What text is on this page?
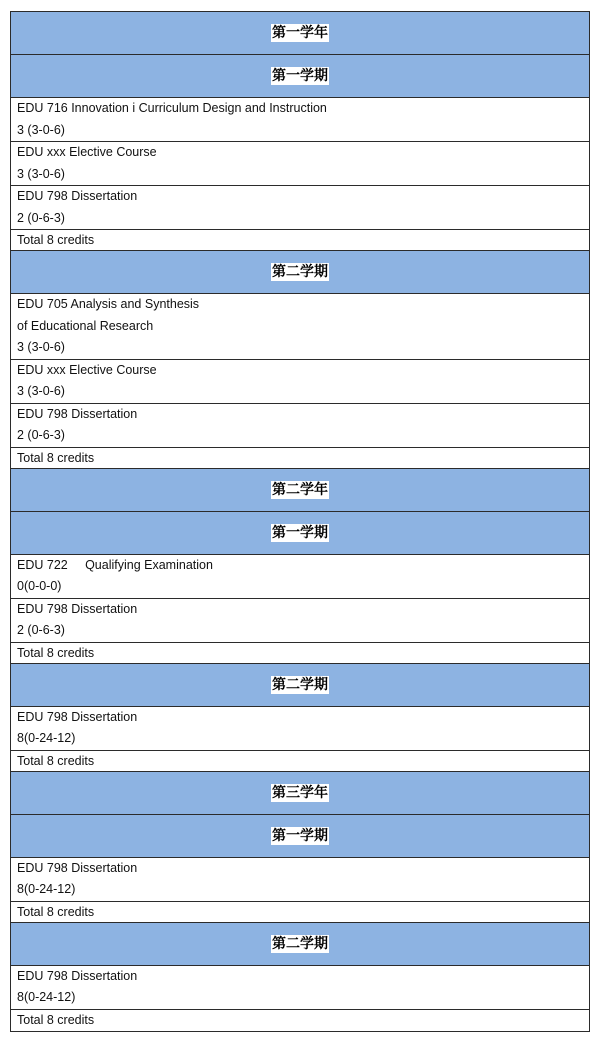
第一学年
第一学期
EDU 716 Innovation i Curriculum Design and Instruction
3 (3-0-6)
EDU xxx Elective Course
3 (3-0-6)
EDU 798 Dissertation
2 (0-6-3)
Total 8 credits
第二学期
EDU 705 Analysis and Synthesis
of Educational Research
3 (3-0-6)
EDU xxx Elective Course
3 (3-0-6)
EDU 798 Dissertation
2 (0-6-3)
Total 8 credits
第二学年
第一学期
EDU 722     Qualifying Examination
0(0-0-0)
EDU 798 Dissertation
2 (0-6-3)
Total 8 credits
第二学期
EDU 798 Dissertation
8(0-24-12)
Total 8 credits
第三学年
第一学期
EDU 798 Dissertation
8(0-24-12)
Total 8 credits
第二学期
EDU 798 Dissertation
8(0-24-12)
Total 8 credits
